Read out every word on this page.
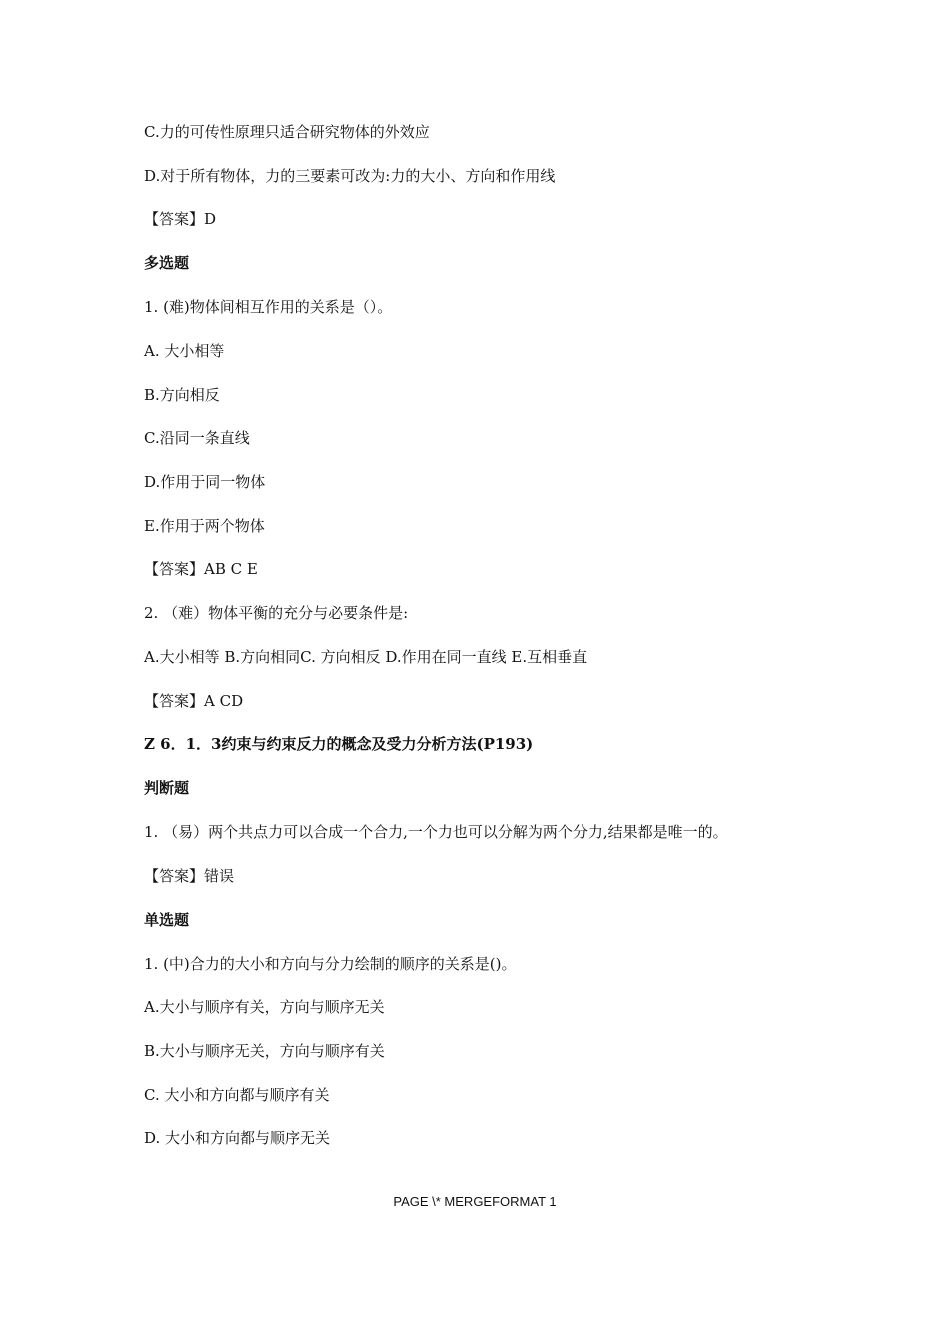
C.力的可传性原理只适合研究物体的外效应
D.对于所有物体，力的三要素可改为:力的大小、方向和作用线
【答案】D
多选题
1. (难)物体间相互作用的关系是（）。
A. 大小相等
B.方向相反
C.沿同一条直线
D.作用于同一物体
E.作用于两个物体
【答案】AB C E
2. （难）物体平衡的充分与必要条件是:
A.大小相等 B.方向相同C. 方向相反 D.作用在同一直线 E.互相垂直
【答案】A CD
Z 6．1．3约束与约束反力的概念及受力分析方法(P193)
判断题
1. （易）两个共点力可以合成一个合力,一个力也可以分解为两个分力,结果都是唯一的。
【答案】错误
单选题
1. (中)合力的大小和方向与分力绘制的顺序的关系是()。
A.大小与顺序有关，方向与顺序无关
B.大小与顺序无关，方向与顺序有关
C. 大小和方向都与顺序有关
D. 大小和方向都与顺序无关
PAGE \* MERGEFORMAT 1
